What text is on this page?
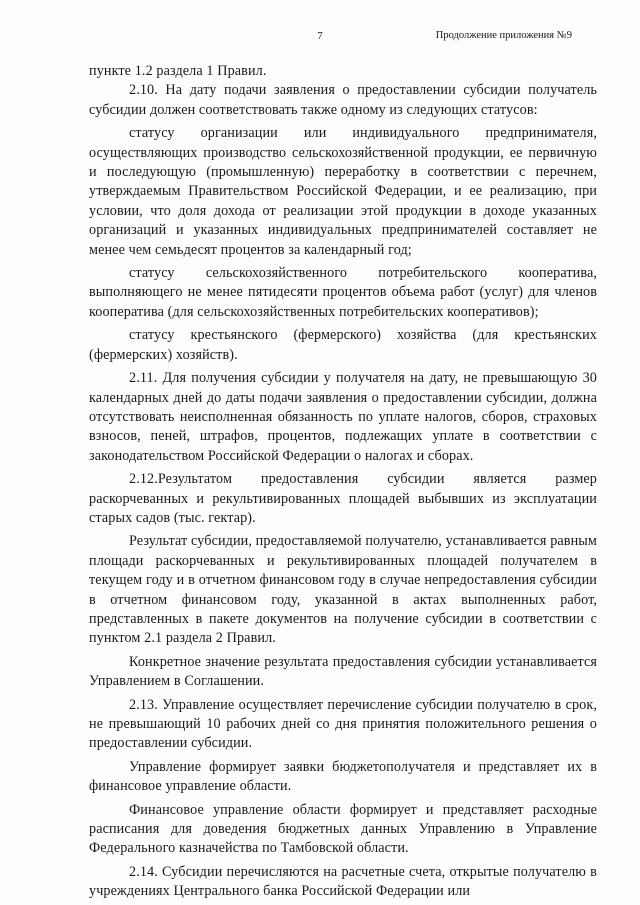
7	Продолжение приложения №9

пункте 1.2 раздела 1 Правил.

2.10. На дату подачи заявления о предоставлении субсидии получатель субсидии должен соответствовать также одному из следующих статусов:

статусу организации или индивидуального предпринимателя, осуществляющих производство сельскохозяйственной продукции, ее первичную и последующую (промышленную) переработку в соответствии с перечнем, утверждаемым Правительством Российской Федерации, и ее реализацию, при условии, что доля дохода от реализации этой продукции в доходе указанных организаций и указанных индивидуальных предпринимателей составляет не менее чем семьдесят процентов за календарный год;

статусу сельскохозяйственного потребительского кооператива, выполняющего не менее пятидесяти процентов объема работ (услуг) для членов кооператива (для сельскохозяйственных потребительских кооперативов);

статусу крестьянского (фермерского) хозяйства (для крестьянских (фермерских) хозяйств).

2.11. Для получения субсидии у получателя на дату, не превышающую 30 календарных дней до даты подачи заявления о предоставлении субсидии, должна отсутствовать неисполненная обязанность по уплате налогов, сборов, страховых взносов, пеней, штрафов, процентов, подлежащих уплате в соответствии с законодательством Российской Федерации о налогах и сборах.

2.12.Результатом предоставления субсидии является размер раскорчеванных и рекультивированных площадей выбывших из эксплуатации старых садов (тыс. гектар).

Результат субсидии, предоставляемой получателю, устанавливается равным площади раскорчеванных и рекультивированных площадей получателем в текущем году и в отчетном финансовом году в случае непредоставления субсидии в отчетном финансовом году, указанной в актах выполненных работ, представленных в пакете документов на получение субсидии в соответствии с пунктом 2.1 раздела 2 Правил.

Конкретное значение результата предоставления субсидии устанавливается Управлением в Соглашении.

2.13. Управление осуществляет перечисление субсидии получателю в срок, не превышающий 10 рабочих дней со дня принятия положительного решения о предоставлении субсидии.

Управление формирует заявки бюджетополучателя и представляет их в финансовое управление области.

Финансовое управление области формирует и представляет расходные расписания для доведения бюджетных данных Управлению в Управление Федерального казначейства по Тамбовской области.

2.14. Субсидии перечисляются на расчетные счета, открытые получателю в учреждениях Центрального банка Российской Федерации или
